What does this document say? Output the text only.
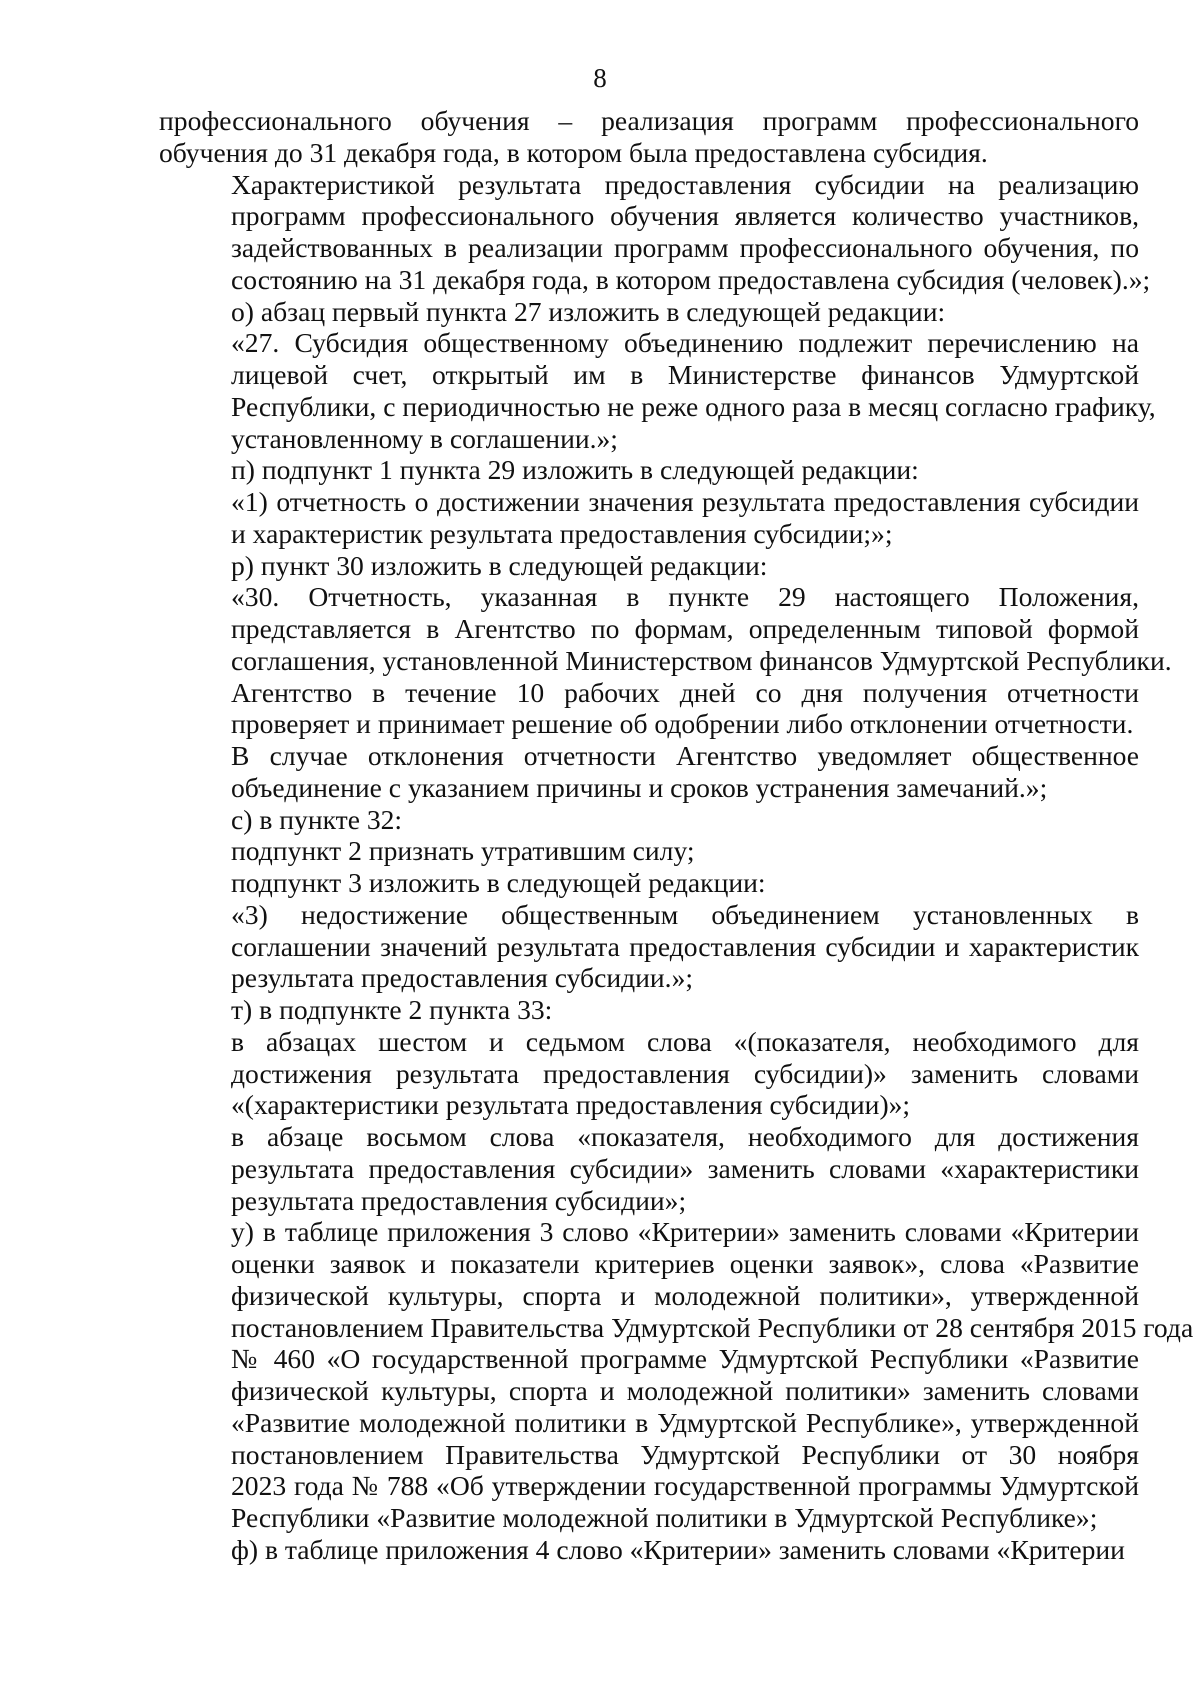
8
профессионального обучения – реализация программ профессионального
обучения до 31 декабря года, в котором была предоставлена субсидия.
Характеристикой результата предоставления субсидии на реализацию
программ профессионального обучения является количество участников,
задействованных в реализации программ профессионального обучения, по
состоянию на 31 декабря года, в котором предоставлена субсидия (человек).»;
о) абзац первый пункта 27 изложить в следующей редакции:
«27. Субсидия общественному объединению подлежит перечислению на
лицевой счет, открытый им в Министерстве финансов Удмуртской
Республики, с периодичностью не реже одного раза в месяц согласно графику,
установленному в соглашении.»;
п) подпункт 1 пункта 29 изложить в следующей редакции:
«1) отчетность о достижении значения результата предоставления субсидии
и характеристик результата предоставления субсидии;»;
р) пункт 30 изложить в следующей редакции:
«30. Отчетность, указанная в пункте 29 настоящего Положения,
представляется в Агентство по формам, определенным типовой формой
соглашения, установленной Министерством финансов Удмуртской Республики.
Агентство в течение 10 рабочих дней со дня получения отчетности
проверяет и принимает решение об одобрении либо отклонении отчетности.
В случае отклонения отчетности Агентство уведомляет общественное
объединение с указанием причины и сроков устранения замечаний.»;
с) в пункте 32:
подпункт 2 признать утратившим силу;
подпункт 3 изложить в следующей редакции:
«3) недостижение общественным объединением установленных в
соглашении значений результата предоставления субсидии и характеристик
результата предоставления субсидии.»;
т) в подпункте 2 пункта 33:
в абзацах шестом и седьмом слова «(показателя, необходимого для
достижения результата предоставления субсидии)» заменить словами
«(характеристики результата предоставления субсидии)»;
в абзаце восьмом слова «показателя, необходимого для достижения
результата предоставления субсидии» заменить словами «характеристики
результата предоставления субсидии»;
у) в таблице приложения 3 слово «Критерии» заменить словами «Критерии
оценки заявок и показатели критериев оценки заявок», слова «Развитие
физической культуры, спорта и молодежной политики», утвержденной
постановлением Правительства Удмуртской Республики от 28 сентября 2015 года
№ 460 «О государственной программе Удмуртской Республики «Развитие
физической культуры, спорта и молодежной политики» заменить словами
«Развитие молодежной политики в Удмуртской Республике», утвержденной
постановлением Правительства Удмуртской Республики от 30 ноября
2023 года № 788 «Об утверждении государственной программы Удмуртской
Республики «Развитие молодежной политики в Удмуртской Республике»;
ф) в таблице приложения 4 слово «Критерии» заменить словами «Критерии
